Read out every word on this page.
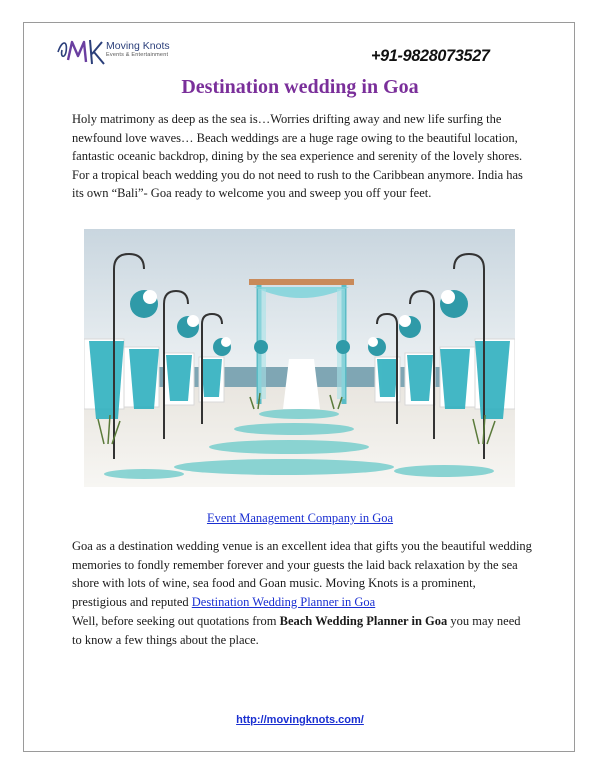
Moving Knots
Events & Entertainment	+91-9828073527
Destination wedding in Goa
Holy matrimony as deep as the sea is…Worries drifting away and new life surfing the newfound love waves… Beach weddings are a huge rage owing to the beautiful location, fantastic oceanic backdrop, dining by the sea experience and serenity of the lovely shores. For a tropical beach wedding you do not need to rush to the Caribbean anymore. India has its own “Bali”- Goa ready to welcome you and sweep you off your feet.
Event Management Company in Goa
Goa as a destination wedding venue is an excellent idea that gifts you the beautiful wedding memories to fondly remember forever and your guests the laid back relaxation by the sea shore with lots of wine, sea food and Goan music. Moving Knots is a prominent, prestigious and reputed Destination Wedding Planner in Goa
Well, before seeking out quotations from Beach Wedding Planner in Goa you may need to know a few things about the place.
http://movingknots.com/
